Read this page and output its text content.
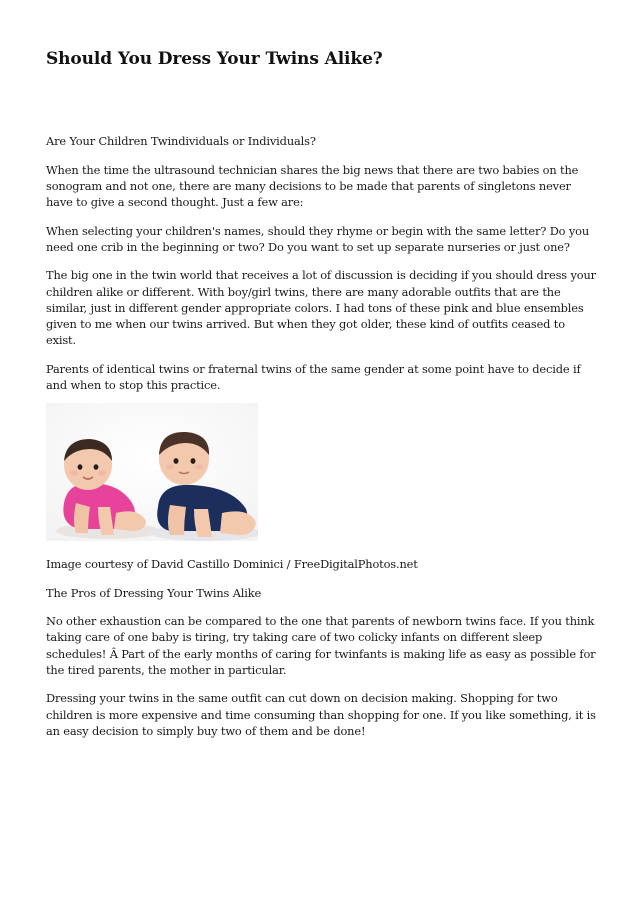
Should You Dress Your Twins Alike?

Are Your Children Twindividuals or Individuals?

When the time the ultrasound technician shares the big news that there are two babies on the sonogram and not one, there are many decisions to be made that parents of singletons never have to give a second thought. Just a few are:

When selecting your children's names, should they rhyme or begin with the same letter? Do you need one crib in the beginning or two? Do you want to set up separate nurseries or just one?

The big one in the twin world that receives a lot of discussion is deciding if you should dress your children alike or different. With boy/girl twins, there are many adorable outfits that are the similar, just in different gender appropriate colors. I had tons of these pink and blue ensembles given to me when our twins arrived. But when they got older, these kind of outfits ceased to exist.

Parents of identical twins or fraternal twins of the same gender at some point have to decide if and when to stop this practice.

Image courtesy of David Castillo Dominici / FreeDigitalPhotos.net

The Pros of Dressing Your Twins Alike

No other exhaustion can be compared to the one that parents of newborn twins face. If you think taking care of one baby is tiring, try taking care of two colicky infants on different sleep schedules! Â Part of the early months of caring for twinfants is making life as easy as possible for the tired parents, the mother in particular.

Dressing your twins in the same outfit can cut down on decision making. Shopping for two children is more expensive and time consuming than shopping for one. If you like something, it is an easy decision to simply buy two of them and be done!
